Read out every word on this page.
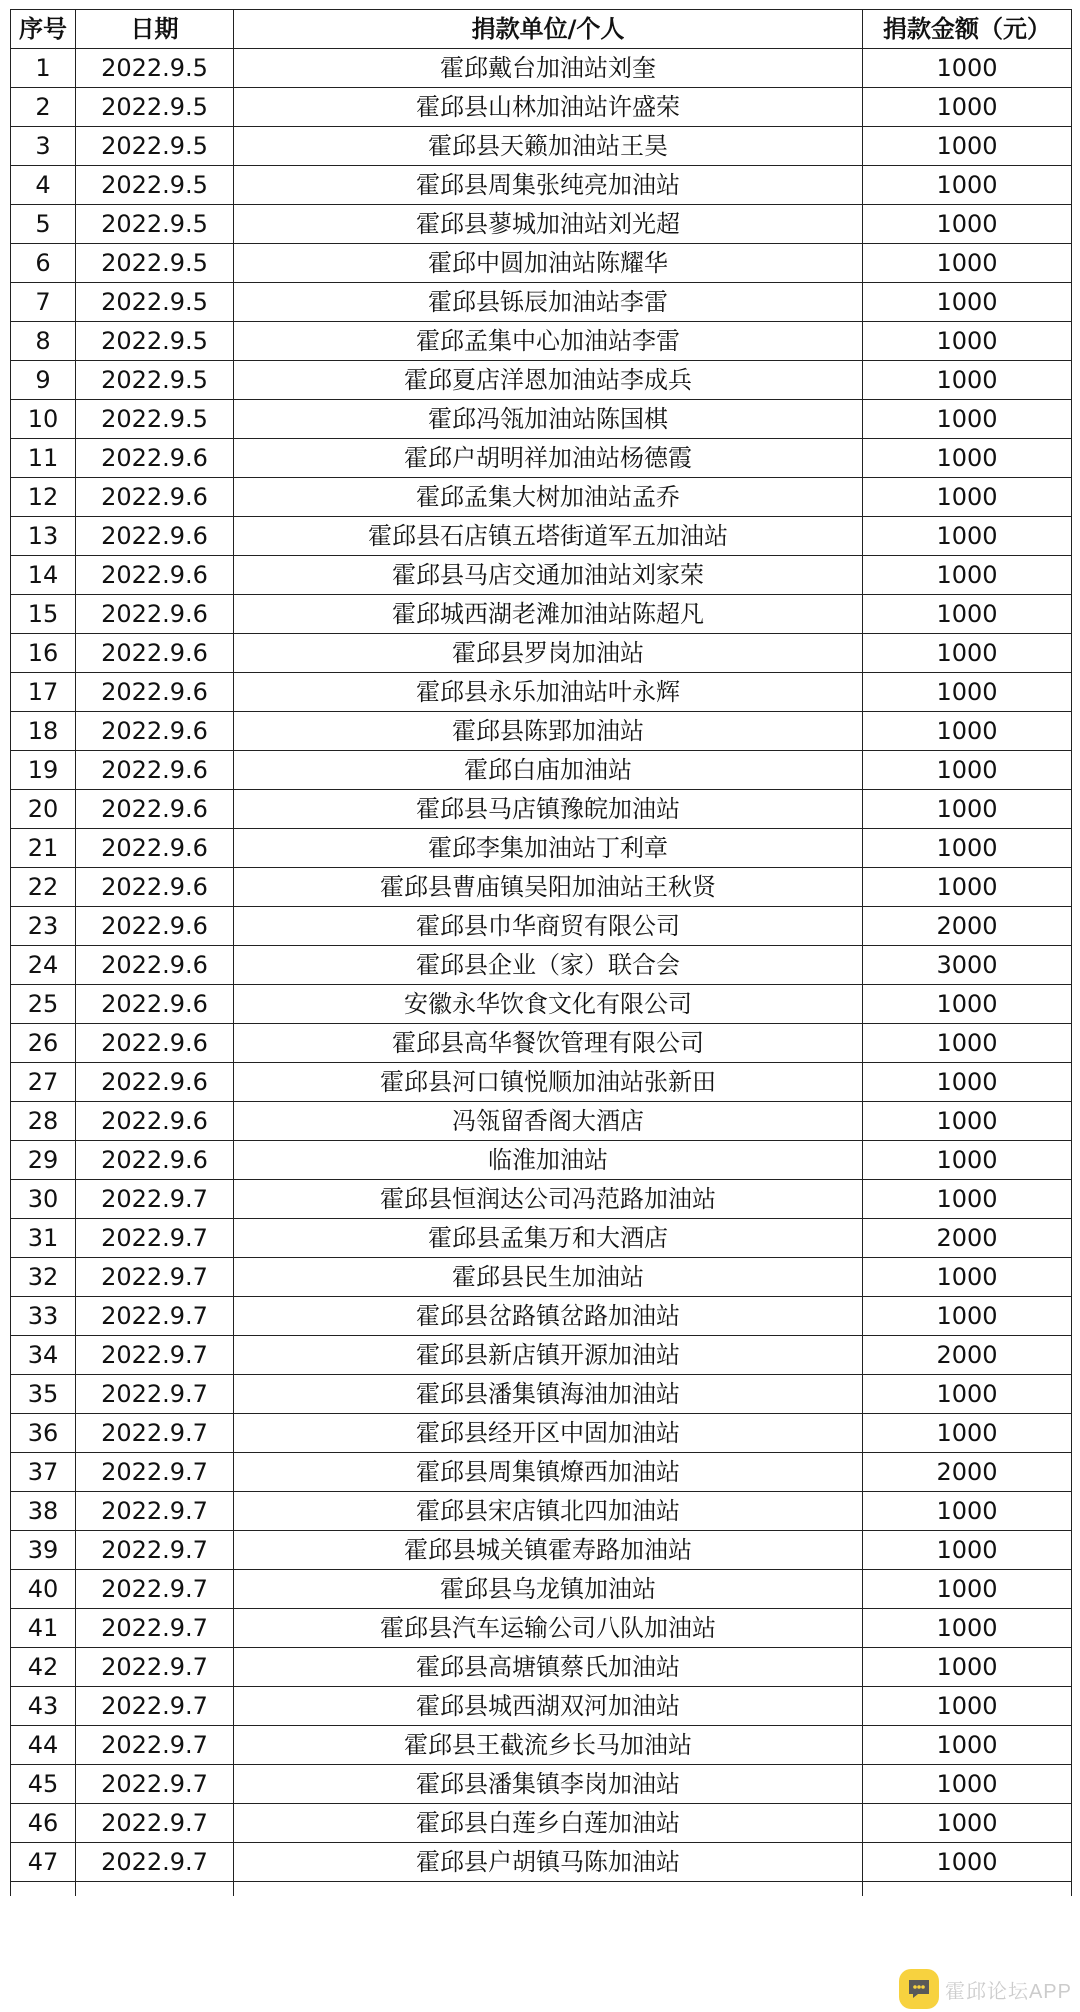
序号	日期	捐款单位/个人	捐款金额（元）
1	2022.9.5	霍邱戴台加油站刘奎	1000
2	2022.9.5	霍邱县山林加油站许盛荣	1000
3	2022.9.5	霍邱县天籁加油站王昊	1000
4	2022.9.5	霍邱县周集张纯亮加油站	1000
5	2022.9.5	霍邱县蓼城加油站刘光超	1000
6	2022.9.5	霍邱中圆加油站陈耀华	1000
7	2022.9.5	霍邱县铄辰加油站李雷	1000
8	2022.9.5	霍邱孟集中心加油站李雷	1000
9	2022.9.5	霍邱夏店洋恩加油站李成兵	1000
10	2022.9.5	霍邱冯瓴加油站陈国棋	1000
11	2022.9.6	霍邱户胡明祥加油站杨德霞	1000
12	2022.9.6	霍邱孟集大树加油站孟乔	1000
13	2022.9.6	霍邱县石店镇五塔街道军五加油站	1000
14	2022.9.6	霍邱县马店交通加油站刘家荣	1000
15	2022.9.6	霍邱城西湖老滩加油站陈超凡	1000
16	2022.9.6	霍邱县罗岗加油站	1000
17	2022.9.6	霍邱县永乐加油站叶永辉	1000
18	2022.9.6	霍邱县陈郢加油站	1000
19	2022.9.6	霍邱白庙加油站	1000
20	2022.9.6	霍邱县马店镇豫皖加油站	1000
21	2022.9.6	霍邱李集加油站丁利章	1000
22	2022.9.6	霍邱县曹庙镇吴阳加油站王秋贤	1000
23	2022.9.6	霍邱县巾华商贸有限公司	2000
24	2022.9.6	霍邱县企业（家）联合会	3000
25	2022.9.6	安徽永华饮食文化有限公司	1000
26	2022.9.6	霍邱县高华餐饮管理有限公司	1000
27	2022.9.6	霍邱县河口镇悦顺加油站张新田	1000
28	2022.9.6	冯瓴留香阁大酒店	1000
29	2022.9.6	临淮加油站	1000
30	2022.9.7	霍邱县恒润达公司冯范路加油站	1000
31	2022.9.7	霍邱县孟集万和大酒店	2000
32	2022.9.7	霍邱县民生加油站	1000
33	2022.9.7	霍邱县岔路镇岔路加油站	1000
34	2022.9.7	霍邱县新店镇开源加油站	2000
35	2022.9.7	霍邱县潘集镇海油加油站	1000
36	2022.9.7	霍邱县经开区中固加油站	1000
37	2022.9.7	霍邱县周集镇燎西加油站	2000
38	2022.9.7	霍邱县宋店镇北四加油站	1000
39	2022.9.7	霍邱县城关镇霍寿路加油站	1000
40	2022.9.7	霍邱县乌龙镇加油站	1000
41	2022.9.7	霍邱县汽车运输公司八队加油站	1000
42	2022.9.7	霍邱县高塘镇蔡氏加油站	1000
43	2022.9.7	霍邱县城西湖双河加油站	1000
44	2022.9.7	霍邱县王截流乡长马加油站	1000
45	2022.9.7	霍邱县潘集镇李岗加油站	1000
46	2022.9.7	霍邱县白莲乡白莲加油站	1000
47	2022.9.7	霍邱县户胡镇马陈加油站	1000

霍邱论坛APP
